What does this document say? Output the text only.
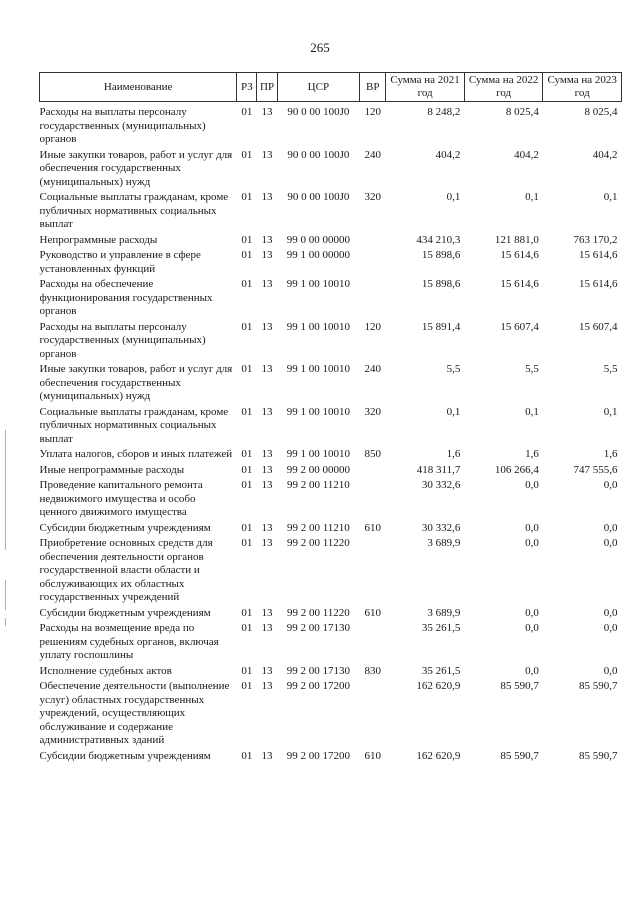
265
Наименование	РЗ	ПР	ЦСР	ВР	Сумма на 2021 год	Сумма на 2022 год	Сумма на 2023 год
Расходы на выплаты персоналу государственных (муниципальных) органов	01	13	90 0 00 100J0	120	8 248,2	8 025,4	8 025,4
Иные закупки товаров, работ и услуг для обеспечения государственных (муниципальных) нужд	01	13	90 0 00 100J0	240	404,2	404,2	404,2
Социальные выплаты гражданам, кроме публичных нормативных социальных выплат	01	13	90 0 00 100J0	320	0,1	0,1	0,1
Непрограммные расходы	01	13	99 0 00 00000		434 210,3	121 881,0	763 170,2
Руководство и управление в сфере установленных функций	01	13	99 1 00 00000		15 898,6	15 614,6	15 614,6
Расходы на обеспечение функционирования государственных органов	01	13	99 1 00 10010		15 898,6	15 614,6	15 614,6
Расходы на выплаты персоналу государственных (муниципальных) органов	01	13	99 1 00 10010	120	15 891,4	15 607,4	15 607,4
Иные закупки товаров, работ и услуг для обеспечения государственных (муниципальных) нужд	01	13	99 1 00 10010	240	5,5	5,5	5,5
Социальные выплаты гражданам, кроме публичных нормативных социальных выплат	01	13	99 1 00 10010	320	0,1	0,1	0,1
Уплата налогов, сборов и иных платежей	01	13	99 1 00 10010	850	1,6	1,6	1,6
Иные непрограммные расходы	01	13	99 2 00 00000		418 311,7	106 266,4	747 555,6
Проведение капитального ремонта недвижимого имущества и особо ценного движимого имущества	01	13	99 2 00 11210		30 332,6	0,0	0,0
Субсидии бюджетным учреждениям	01	13	99 2 00 11210	610	30 332,6	0,0	0,0
Приобретение основных средств для обеспечения деятельности органов государственной власти области и обслуживающих их областных государственных учреждений	01	13	99 2 00 11220		3 689,9	0,0	0,0
Субсидии бюджетным учреждениям	01	13	99 2 00 11220	610	3 689,9	0,0	0,0
Расходы на возмещение вреда по решениям судебных органов, включая уплату госпошлины	01	13	99 2 00 17130		35 261,5	0,0	0,0
Исполнение судебных актов	01	13	99 2 00 17130	830	35 261,5	0,0	0,0
Обеспечение деятельности (выполнение услуг) областных государственных учреждений, осуществляющих обслуживание и содержание административных зданий	01	13	99 2 00 17200		162 620,9	85 590,7	85 590,7
Субсидии бюджетным учреждениям	01	13	99 2 00 17200	610	162 620,9	85 590,7	85 590,7
